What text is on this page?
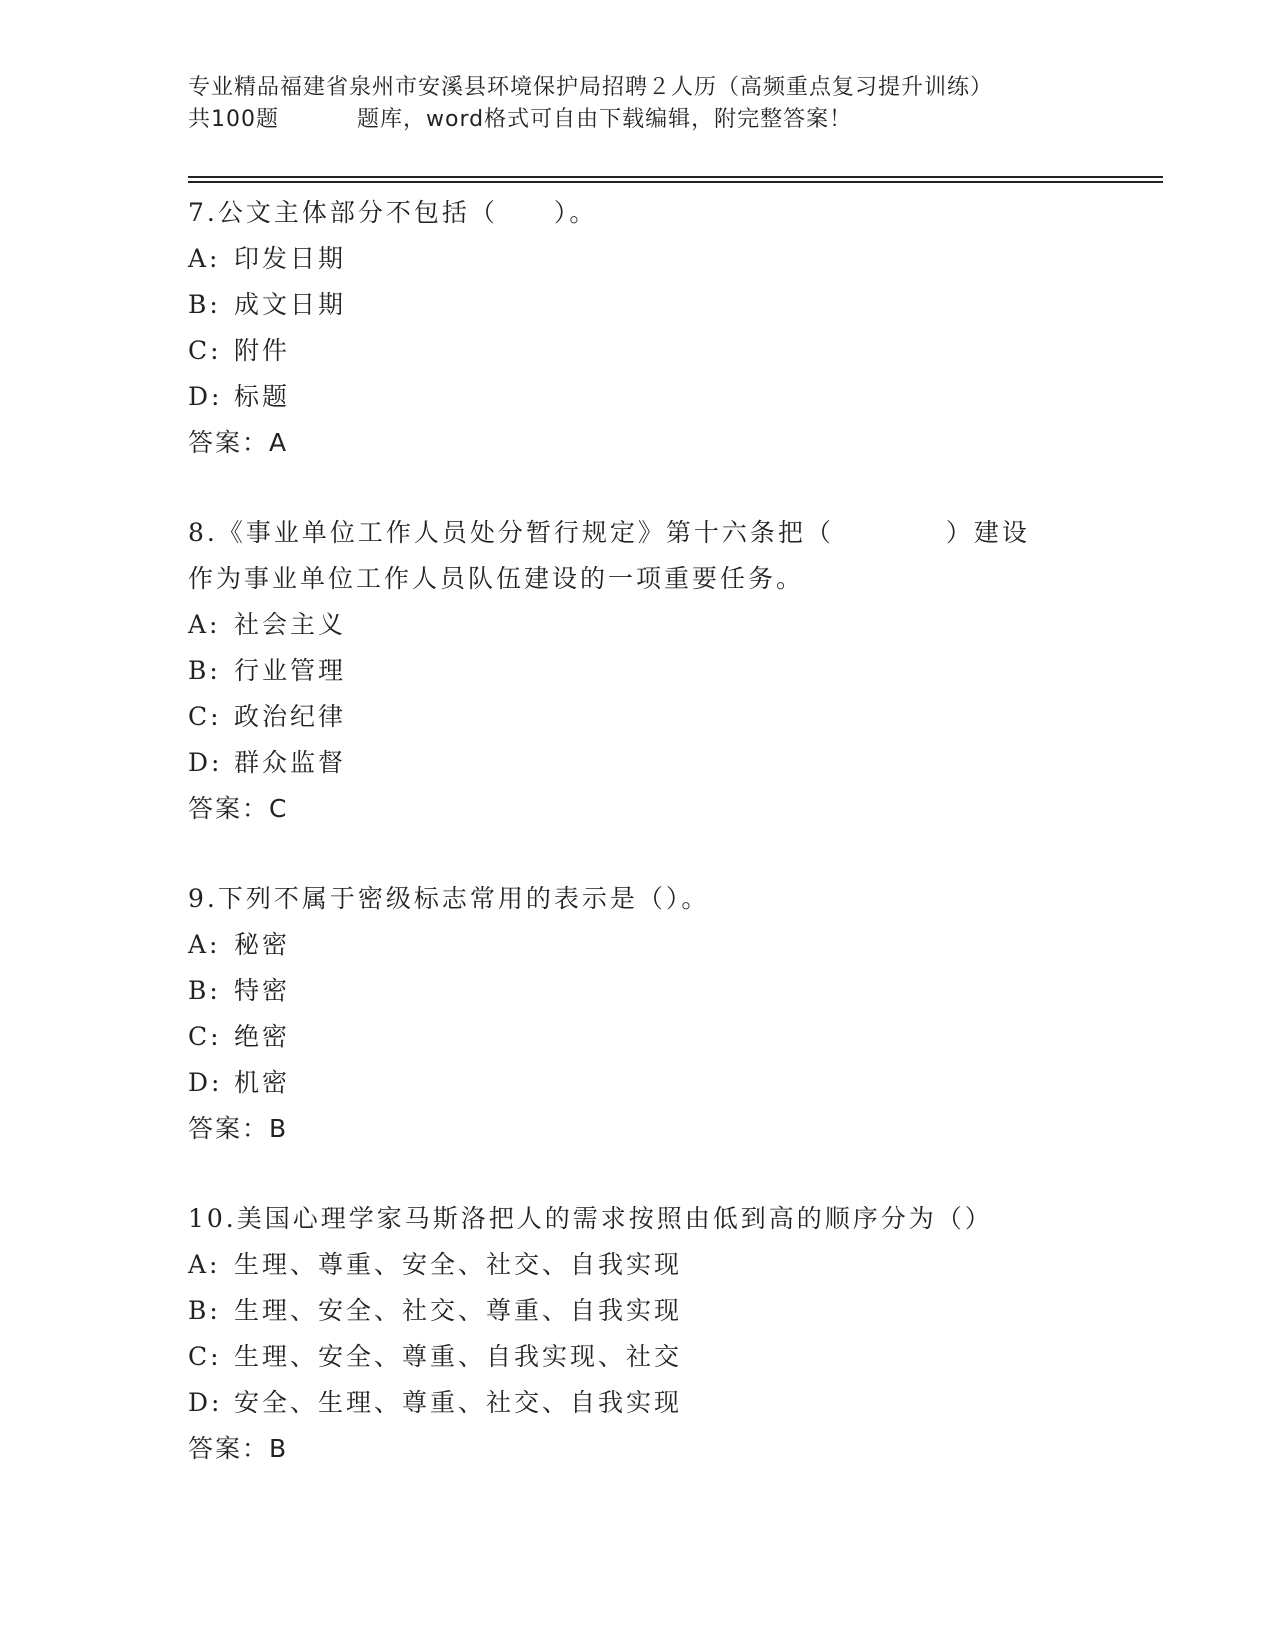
专业精品福建省泉州市安溪县环境保护局招聘２人历（高频重点复习提升训练）
共100题	题库，word格式可自由下载编辑，附完整答案！

7.公文主体部分不包括（　　）。

A: 印发日期
B: 成文日期
C: 附件
D: 标题
答案：A

8.《事业单位工作人员处分暂行规定》第十六条把（　　　　）建设

作为事业单位工作人员队伍建设的一项重要任务。

A: 社会主义
B: 行业管理
C: 政治纪律
D: 群众监督
答案：C

9.下列不属于密级标志常用的表示是（）。

A: 秘密
B: 特密
C: 绝密
D: 机密
答案：B

10.美国心理学家马斯洛把人的需求按照由低到高的顺序分为（）

A: 生理、尊重、安全、社交、自我实现
B: 生理、安全、社交、尊重、自我实现
C: 生理、安全、尊重、自我实现、社交
D: 安全、生理、尊重、社交、自我实现
答案：B
